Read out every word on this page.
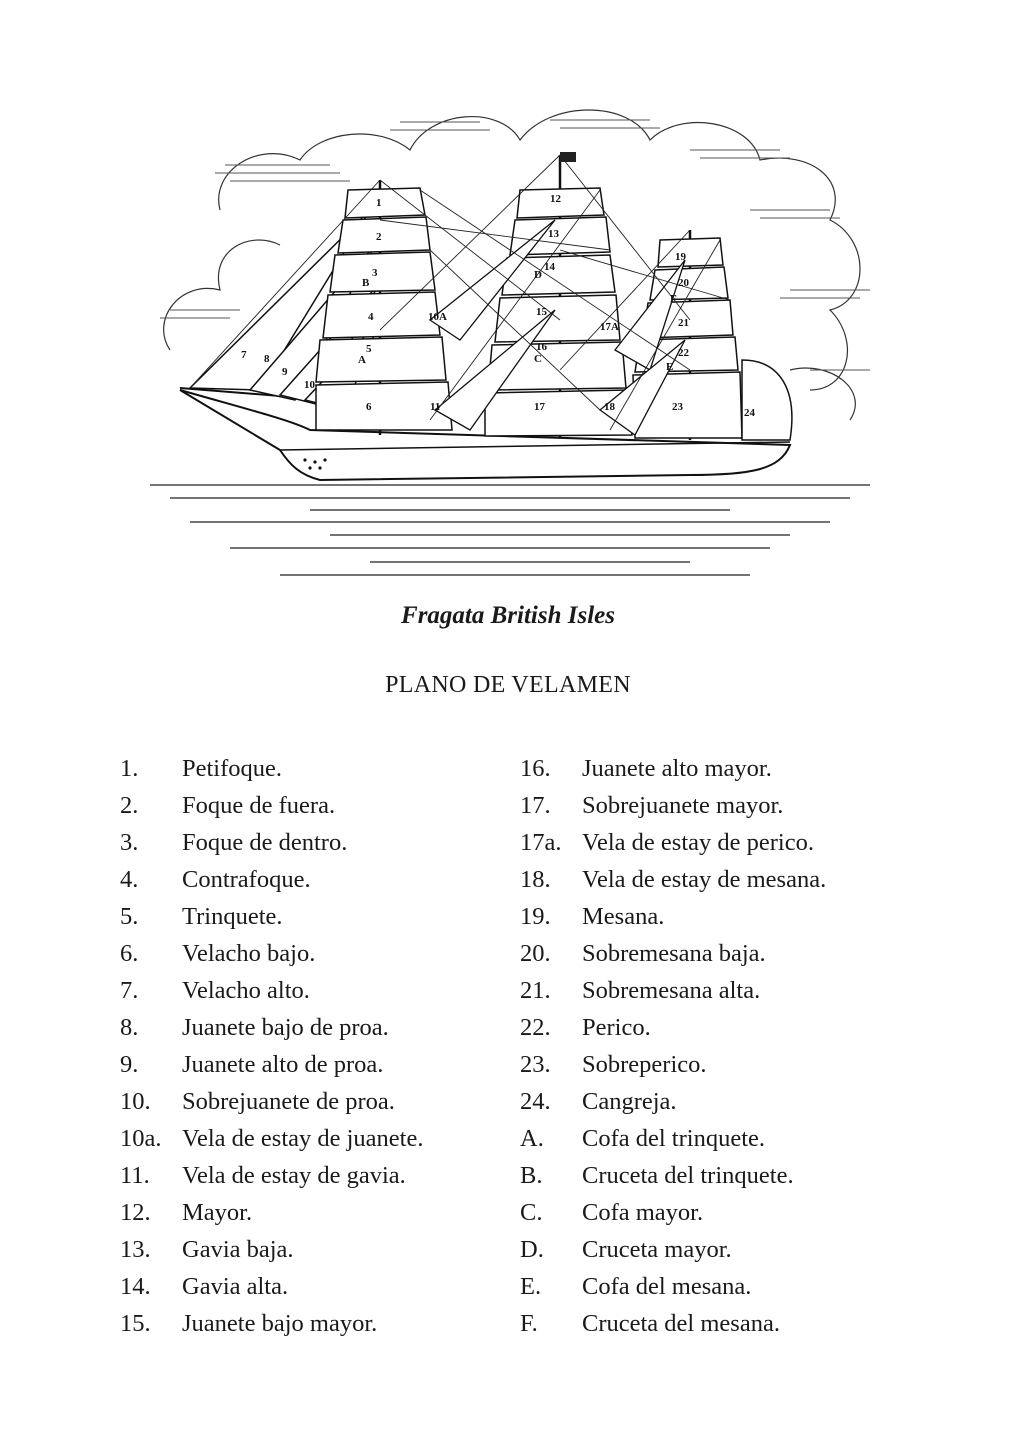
1
2
3
4
5
6
7 8
9
10
10A
11
12
13
14
15
16
17
17A
18
19
20
21
22
23	24
A
B
C
D
E
F
Fragata British Isles
PLANO DE VELAMEN
1.	Petifoque.
2.	Foque de fuera.
3.	Foque de dentro.
4.	Contrafoque.
5.	Trinquete.
6.	Velacho bajo.
7.	Velacho alto.
8.	Juanete bajo de proa.
9.	Juanete alto de proa.
10.	Sobrejuanete de proa.
10a. Vela de estay de juanete.
11.	Vela de estay de gavia.
12.	Mayor.
13.	Gavia baja.
14.	Gavia alta.
15.	Juanete bajo mayor.
16.	Juanete alto mayor.
17.	Sobrejuanete mayor.
17a. Vela de estay de perico.
18.	Vela de estay de mesana.
19.	Mesana.
20.	Sobremesana baja.
21.	Sobremesana alta.
22.	Perico.
23.	Sobreperico.
24.	Cangreja.
A.	Cofa del trinquete.
B.	Cruceta del trinquete.
C.	Cofa mayor.
D.	Cruceta mayor.
E.	Cofa del mesana.
F.	Cruceta del mesana.
